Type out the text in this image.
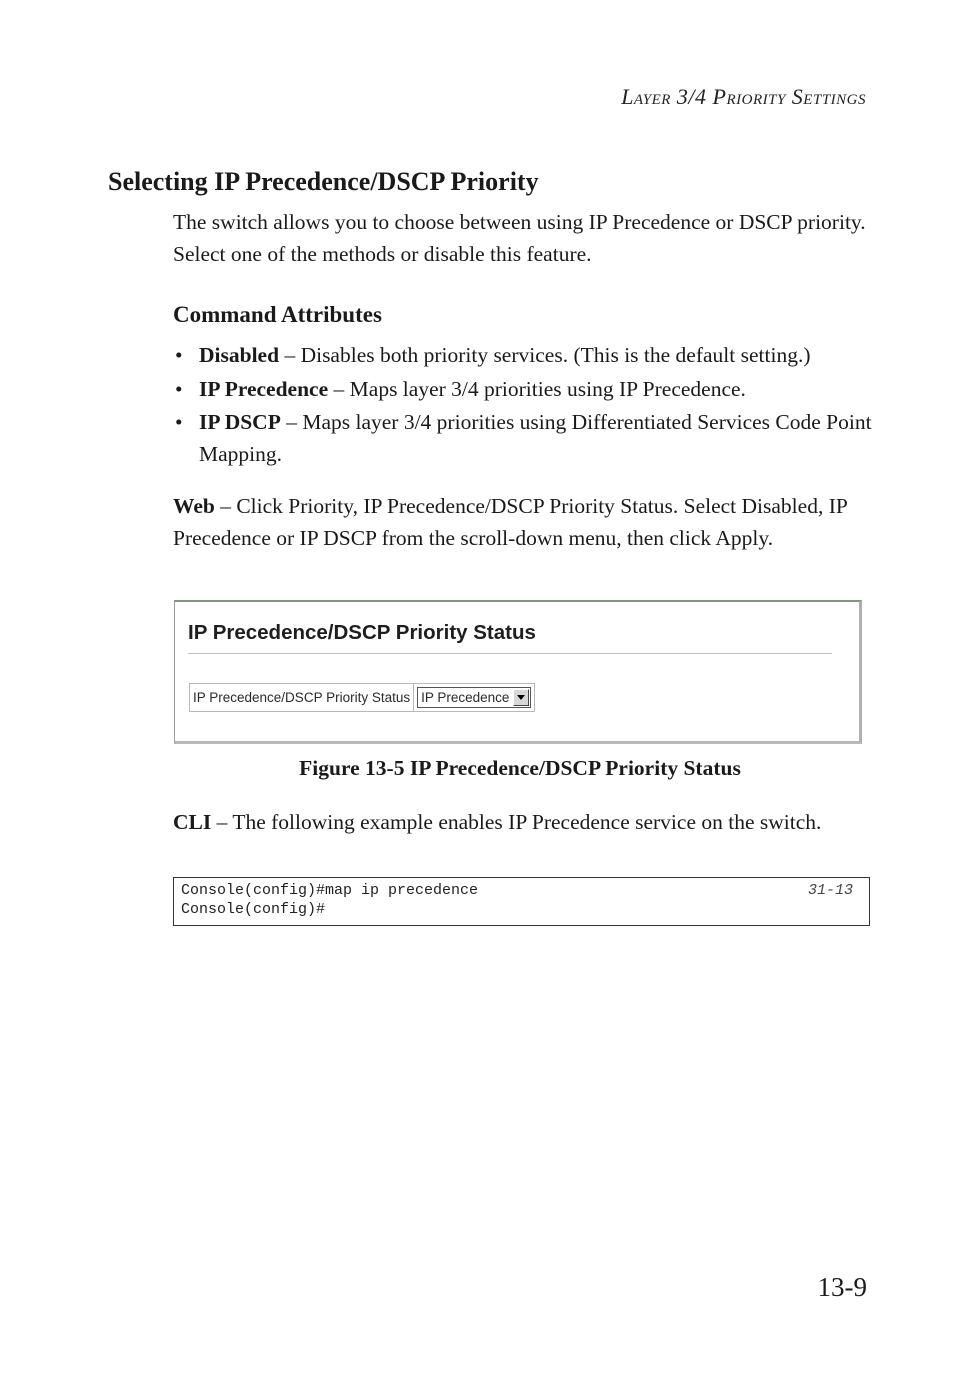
Layer 3/4 Priority Settings
Selecting IP Precedence/DSCP Priority
The switch allows you to choose between using IP Precedence or DSCP priority. Select one of the methods or disable this feature.
Command Attributes
• Disabled – Disables both priority services. (This is the default setting.)
• IP Precedence – Maps layer 3/4 priorities using IP Precedence.
• IP DSCP – Maps layer 3/4 priorities using Differentiated Services Code Point Mapping.
Web – Click Priority, IP Precedence/DSCP Priority Status. Select Disabled, IP Precedence or IP DSCP from the scroll-down menu, then click Apply.
IP Precedence/DSCP Priority Status
IP Precedence/DSCP Priority Status IP Precedence
Figure 13-5 IP Precedence/DSCP Priority Status
CLI – The following example enables IP Precedence service on the switch.
Console(config)#map ip precedence	31-13
Console(config)#
13-9
